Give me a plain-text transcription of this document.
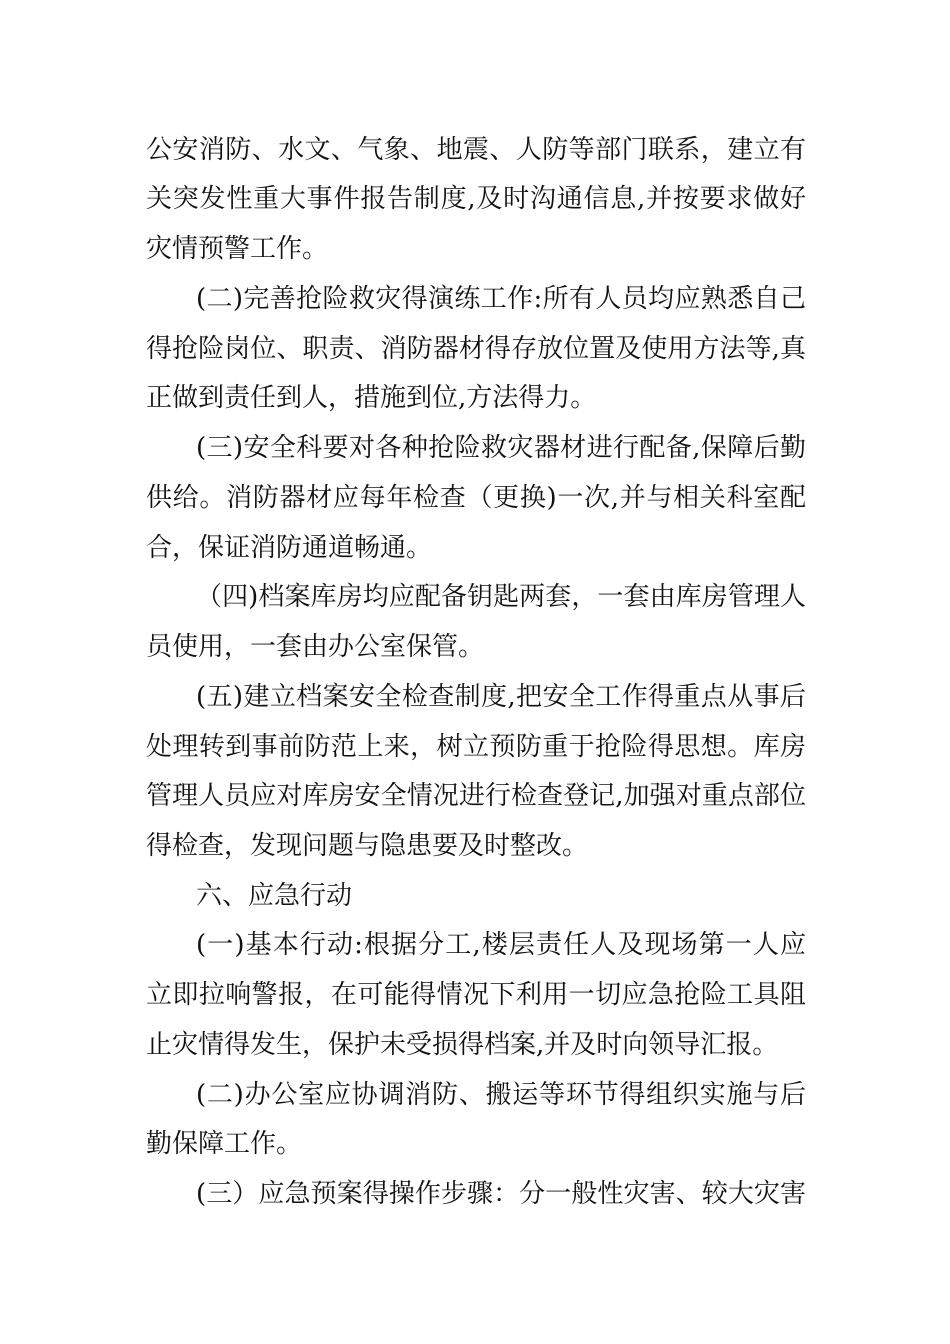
公安消防、水文、气象、地震、人防等部门联系，建立有
关突发性重大事件报告制度,及时沟通信息,并按要求做好
灾情预警工作。
(二)完善抢险救灾得演练工作:所有人员均应熟悉自己
得抢险岗位、职责、消防器材得存放位置及使用方法等,真
正做到责任到人，措施到位,方法得力。
(三)安全科要对各种抢险救灾器材进行配备,保障后勤
供给。消防器材应每年检查（更换)一次,并与相关科室配
合，保证消防通道畅通。
（四)档案库房均应配备钥匙两套，一套由库房管理人
员使用，一套由办公室保管。
(五)建立档案安全检查制度,把安全工作得重点从事后
处理转到事前防范上来，树立预防重于抢险得思想。库房
管理人员应对库房安全情况进行检查登记,加强对重点部位
得检查，发现问题与隐患要及时整改。
六、应急行动
(一)基本行动:根据分工,楼层责任人及现场第一人应
立即拉响警报，在可能得情况下利用一切应急抢险工具阻
止灾情得发生，保护未受损得档案,并及时向领导汇报。
(二)办公室应协调消防、搬运等环节得组织实施与后
勤保障工作。
(三）应急预案得操作步骤：分一般性灾害、较大灾害
